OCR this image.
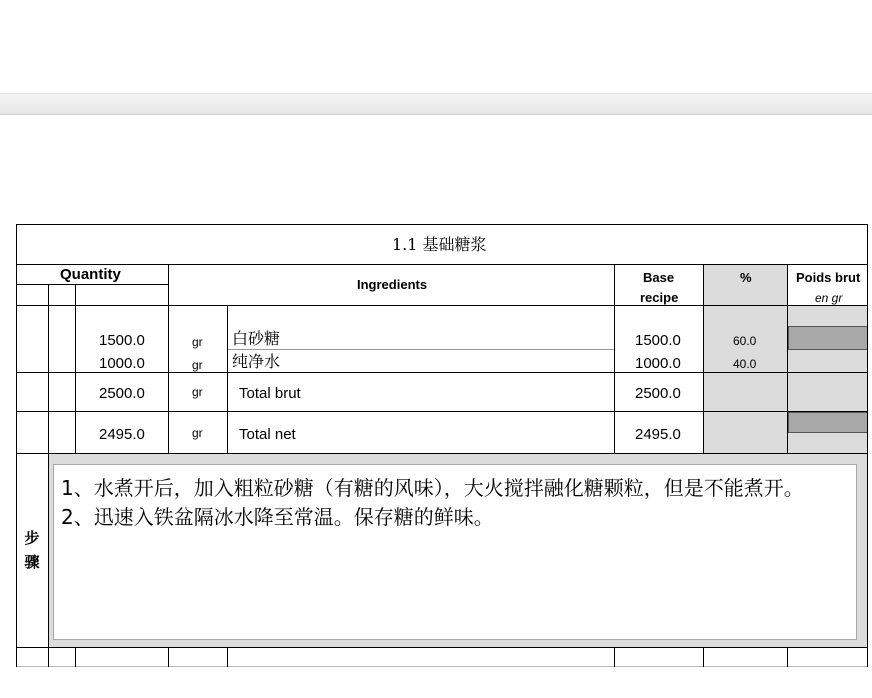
1.1 基础糖浆
Quantity
Ingredients	Base
recipe
%	Poids brut
en gr
1500.0	gr 白砂糖	1500.0	60.0
1000.0	gr 纯净水	1000.0	40.0
2500.0	gr Total brut	2500.0
2495.0	gr Total net	2495.0
步骤
1、水煮开后，加入粗粒砂糖（有糖的风味），大火搅拌融化糖颗粒，但是不能煮开。
2、迅速入铁盆隔冰水降至常温。保存糖的鲜味。
